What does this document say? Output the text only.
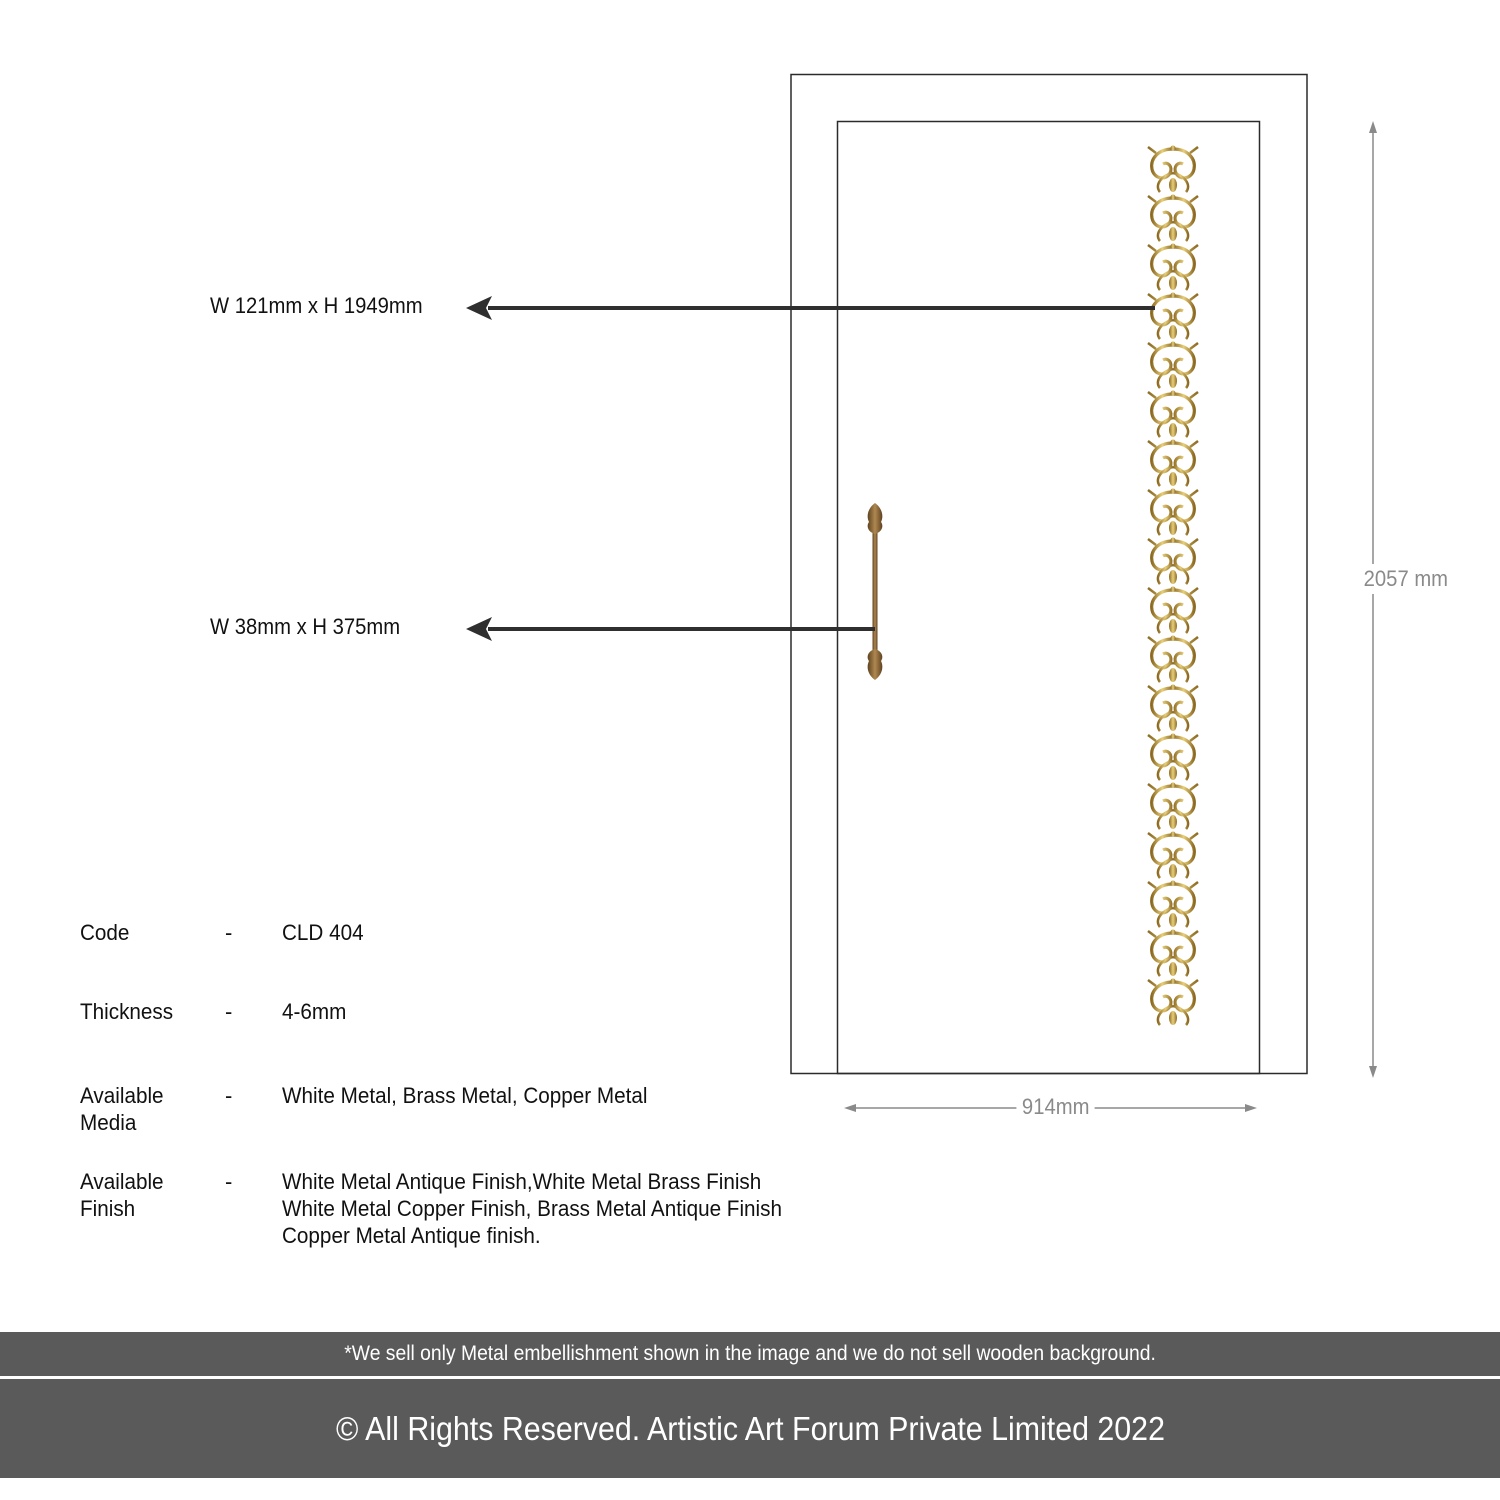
W 121mm x H 1949mm
W 38mm x H 375mm
2057 mm
914mm
Code	- CLD 404
Thickness	- 4-6mm
Available
Media
- White Metal, Brass Metal, Copper Metal
Available
Finish
- White Metal Antique Finish,White Metal Brass Finish
White Metal Copper Finish, Brass Metal Antique Finish
Copper Metal Antique finish.
*We sell only Metal embellishment shown in the image and we do not sell wooden background.
© All Rights Reserved. Artistic Art Forum Private Limited 2022
